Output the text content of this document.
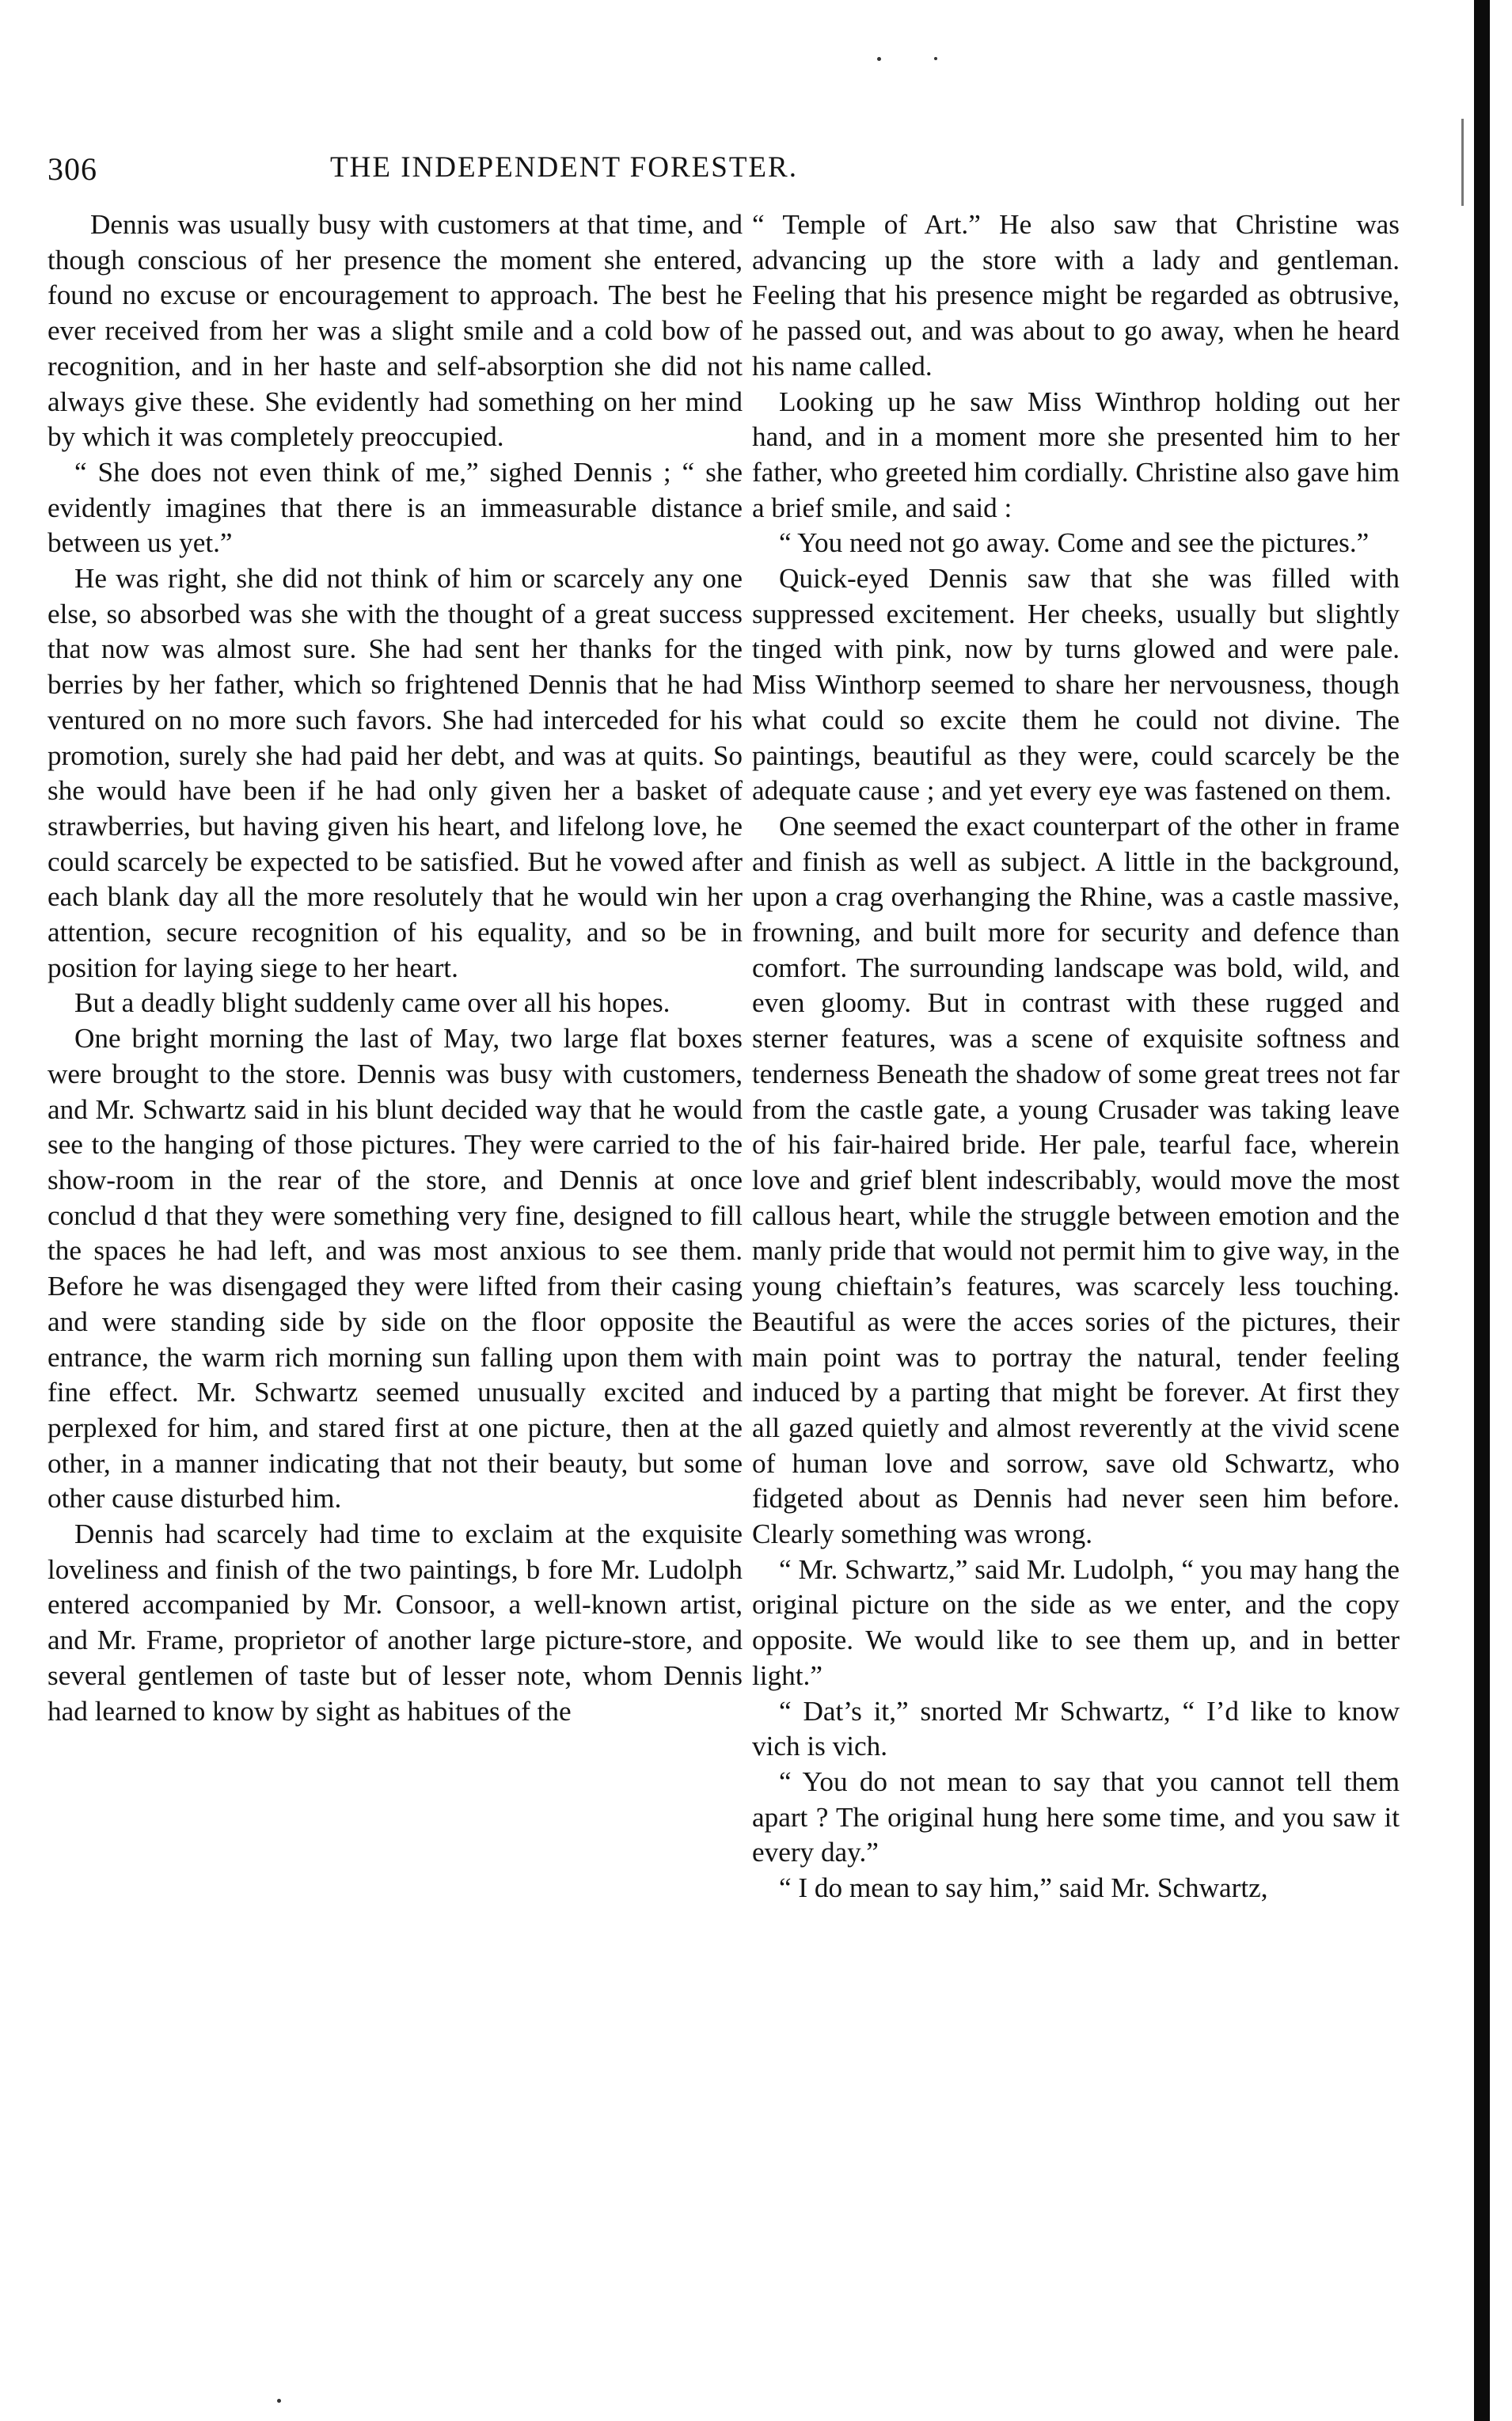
306	THE INDEPENDENT FORESTER.

Dennis was usually busy with customers at that time, and though conscious of her presence the moment she entered, found no excuse or encouragement to approach. The best he ever received from her was a slight smile and a cold bow of recognition, and in her haste and self-absorption she did not always give these. She evidently had something on her mind by which it was completely preoccupied.

“ She does not even think of me,” sighed Dennis ; “ she evidently imagines that there is an immeasurable distance between us yet.”

He was right, she did not think of him or scarcely any one else, so absorbed was she with the thought of a great success that now was almost sure. She had sent her thanks for the berries by her father, which so frightened Dennis that he had ventured on no more such favors. She had interceded for his promotion, surely she had paid her debt, and was at quits. So she would have been if he had only given her a basket of strawberries, but having given his heart, and lifelong love, he could scarcely be expected to be satisfied. But he vowed after each blank day all the more resolutely that he would win her attention, secure recognition of his equality, and so be in position for laying siege to her heart.

But a deadly blight suddenly came over all his hopes.

One bright morning the last of May, two large flat boxes were brought to the store. Dennis was busy with customers, and Mr. Schwartz said in his blunt decided way that he would see to the hanging of those pictures. They were carried to the show-room in the rear of the store, and Dennis at once conclud d that they were something very fine, designed to fill the spaces he had left, and was most anxious to see them. Before he was disengaged they were lifted from their casing and were standing side by side on the floor opposite the entrance, the warm rich morning sun falling upon them with fine effect. Mr. Schwartz seemed unusually excited and perplexed for him, and stared first at one picture, then at the other, in a manner indicating that not their beauty, but some other cause disturbed him.

Dennis had scarcely had time to exclaim at the exquisite loveliness and finish of the two paintings, b fore Mr. Ludolph entered accompanied by Mr. Consoor, a well-known artist, and Mr. Frame, proprietor of another large picture-store, and several gentlemen of taste but of lesser note, whom Dennis had learned to know by sight as habitues of the

“ Temple of Art.” He also saw that Christine was advancing up the store with a lady and gentleman. Feeling that his presence might be regarded as obtrusive, he passed out, and was about to go away, when he heard his name called.

Looking up he saw Miss Winthrop holding out her hand, and in a moment more she presented him to her father, who greeted him cordially. Christine also gave him a brief smile, and said :

“ You need not go away. Come and see the pictures.”

Quick-eyed Dennis saw that she was filled with suppressed excitement. Her cheeks, usually but slightly tinged with pink, now by turns glowed and were pale. Miss Winthorp seemed to share her nervousness, though what could so excite them he could not divine. The paintings, beautiful as they were, could scarcely be the adequate cause ; and yet every eye was fastened on them.

One seemed the exact counterpart of the other in frame and finish as well as subject. A little in the background, upon a crag overhanging the Rhine, was a castle massive, frowning, and built more for security and defence than comfort. The surrounding landscape was bold, wild, and even gloomy. But in contrast with these rugged and sterner features, was a scene of exquisite softness and tenderness Beneath the shadow of some great trees not far from the castle gate, a young Crusader was taking leave of his fair-haired bride. Her pale, tearful face, wherein love and grief blent indescribably, would move the most callous heart, while the struggle between emotion and the manly pride that would not permit him to give way, in the young chieftain’s features, was scarcely less touching. Beautiful as were the acces sories of the pictures, their main point was to portray the natural, tender feeling induced by a parting that might be forever. At first they all gazed quietly and almost reverently at the vivid scene of human love and sorrow, save old Schwartz, who fidgeted about as Dennis had never seen him before. Clearly something was wrong.

“ Mr. Schwartz,” said Mr. Ludolph, “ you may hang the original picture on the side as we enter, and the copy opposite. We would like to see them up, and in better light.”

“ Dat’s it,” snorted Mr Schwartz, “ I’d like to know vich is vich.

“ You do not mean to say that you cannot tell them apart ? The original hung here some time, and you saw it every day.”

“ I do mean to say him,” said Mr. Schwartz,
